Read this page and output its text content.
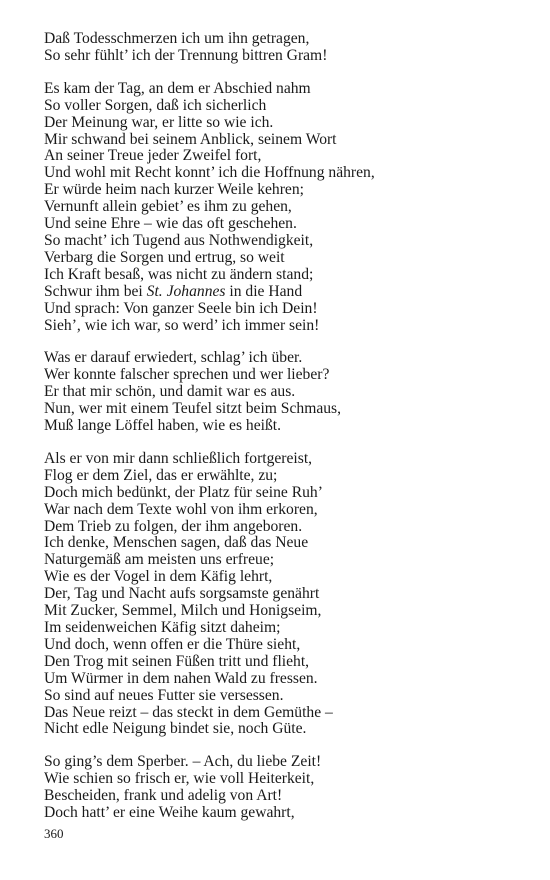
Daß Todesschmerzen ich um ihn getragen,
So sehr fühlt’ ich der Trennung bittren Gram!
Es kam der Tag, an dem er Abschied nahm
So voller Sorgen, daß ich sicherlich
Der Meinung war, er litte so wie ich.
Mir schwand bei seinem Anblick, seinem Wort
An seiner Treue jeder Zweifel fort,
Und wohl mit Recht konnt’ ich die Hoffnung nähren,
Er würde heim nach kurzer Weile kehren;
Vernunft allein gebiet’ es ihm zu gehen,
Und seine Ehre – wie das oft geschehen.
So macht’ ich Tugend aus Nothwendigkeit,
Verbarg die Sorgen und ertrug, so weit
Ich Kraft besaß, was nicht zu ändern stand;
Schwur ihm bei St. Johannes in die Hand
Und sprach: Von ganzer Seele bin ich Dein!
Sieh’, wie ich war, so werd’ ich immer sein!
Was er darauf erwiedert, schlag’ ich über.
Wer konnte falscher sprechen und wer lieber?
Er that mir schön, und damit war es aus.
Nun, wer mit einem Teufel sitzt beim Schmaus,
Muß lange Löffel haben, wie es heißt.
Als er von mir dann schließlich fortgereist,
Flog er dem Ziel, das er erwählte, zu;
Doch mich bedünkt, der Platz für seine Ruh’
War nach dem Texte wohl von ihm erkoren,
Dem Trieb zu folgen, der ihm angeboren.
Ich denke, Menschen sagen, daß das Neue
Naturgemäß am meisten uns erfreue;
Wie es der Vogel in dem Käfig lehrt,
Der, Tag und Nacht aufs sorgsamste genährt
Mit Zucker, Semmel, Milch und Honigseim,
Im seidenweichen Käfig sitzt daheim;
Und doch, wenn offen er die Thüre sieht,
Den Trog mit seinen Füßen tritt und flieht,
Um Würmer in dem nahen Wald zu fressen.
So sind auf neues Futter sie versessen.
Das Neue reizt – das steckt in dem Gemüthe –
Nicht edle Neigung bindet sie, noch Güte.
So ging’s dem Sperber. – Ach, du liebe Zeit!
Wie schien so frisch er, wie voll Heiterkeit,
Bescheiden, frank und adelig von Art!
Doch hatt’ er eine Weihe kaum gewahrt,
360
